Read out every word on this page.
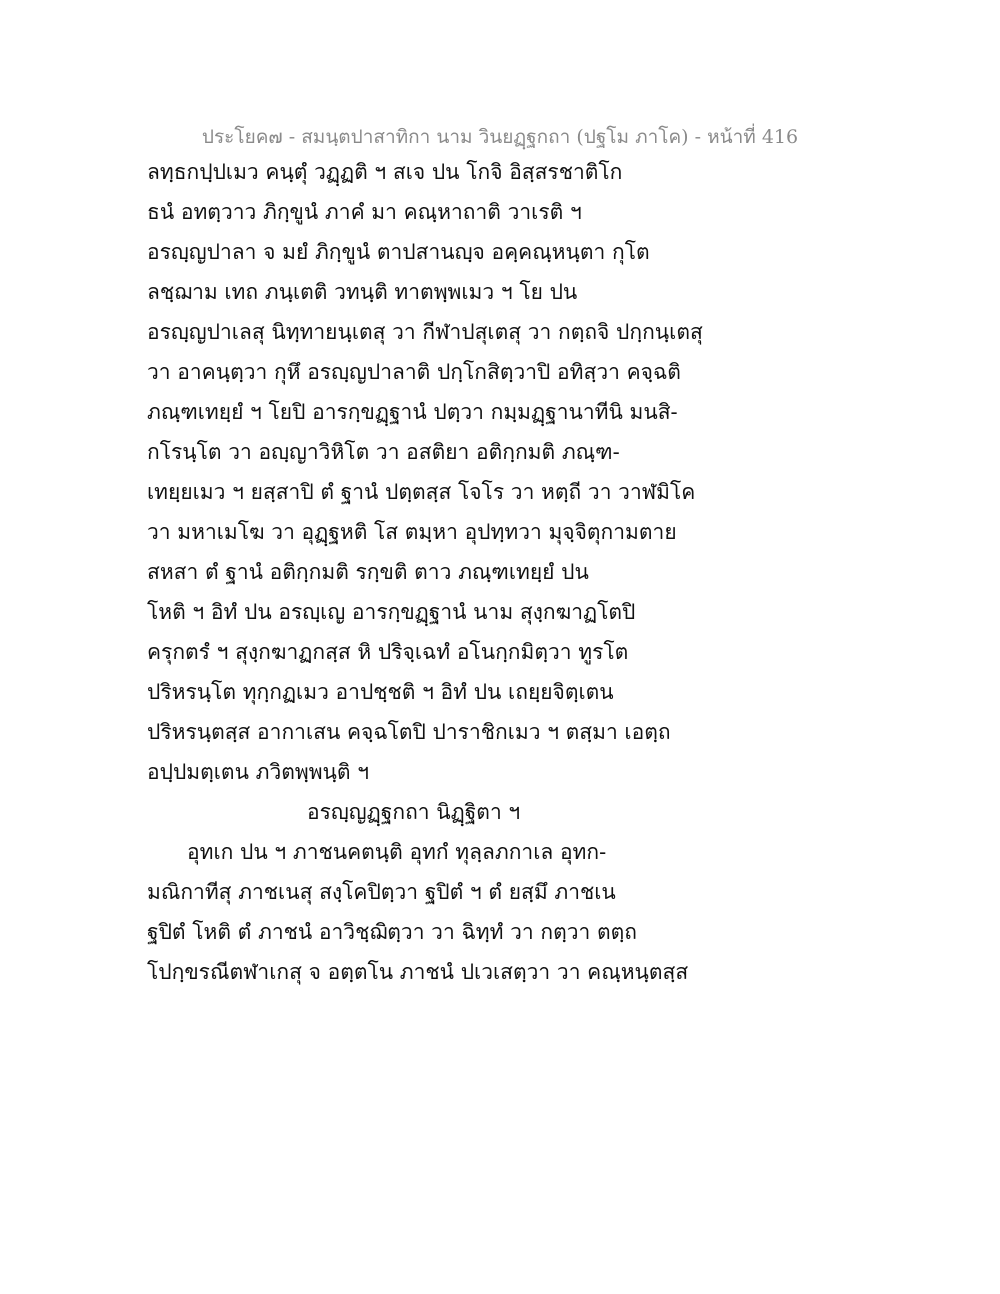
ประโยค๗ - สมนฺตปาสาทิกา นาม วินยฏฺฐกถา (ปฐโม ภาโค) - หน้าที่ 416
ลทฺธกปฺปเมว คนฺตุํ วฏฺฏติ ฯ สเจ ปน โกจิ อิสฺสรชาติโก
ธนํ อทตฺวาว ภิกฺขูนํ ภาคํ มา คณฺหาถาติ วาเรติ ฯ
อรญฺญปาลา จ มยํ ภิกฺขูนํ ตาปสานญฺจ อคฺคณฺหนฺตา กุโต
ลชฺฌาม เทถ ภนฺเตติ วทนฺติ ทาตพฺพเมว ฯ โย ปน
อรญฺญปาเลสุ นิทฺทายนฺเตสุ วา กีฬาปสุเตสุ วา กตฺถจิ ปกฺกนฺเตสุ
วา อาคนฺตฺวา กุหึ อรญฺญปาลาติ ปกฺโกสิตฺวาปิ อทิสฺวา คจฺฉติ
ภณฺฑเทยฺยํ ฯ โยปิ อารกฺขฏฺฐานํ ปตฺวา กมฺมฏฺฐานาทีนิ มนสิ-
กโรนฺโต วา อญฺญาวิหิโต วา อสติยา อติกฺกมติ ภณฺฑ-
เทยฺยเมว ฯ ยสฺสาปิ ตํ ฐานํ ปตฺตสฺส โจโร วา หตฺถี วา วาฬมิโค
วา มหาเมโฆ วา อุฏฺฐหติ โส ตมฺหา อุปทฺทวา มุจฺจิตุกามตาย
สหสา ตํ ฐานํ อติกฺกมติ รกฺขติ ตาว ภณฺฑเทยฺยํ ปน
โหติ ฯ อิทํ ปน อรญฺเญ อารกฺขฏฺฐานํ นาม สุงฺกฆาฏโตปิ
ครุกตรํ ฯ สุงฺกฆาฏกสฺส หิ ปริจฺเฉทํ อโนกฺกมิตฺวา ทูรโต
ปริหรนฺโต ทุกฺกฏเมว อาปชฺชติ ฯ อิทํ ปน เถยฺยจิตฺเตน
ปริหรนฺตสฺส อากาเสน คจฺฉโตปิ ปาราชิกเมว ฯ ตสฺมา เอตฺถ
อปฺปมตฺเตน ภวิตพฺพนฺติ ฯ
อรญฺญฏฺฐกถา นิฏฺฐิตา ฯ
อุทเก ปน ฯ ภาชนคตนฺติ อุทกํ ทุลฺลภกาเล อุทก-
มณิกาทีสุ ภาชเนสุ สงฺโคปิตฺวา ฐปิตํ ฯ ตํ ยสฺมึ ภาชเน
ฐปิตํ โหติ ตํ ภาชนํ อาวิชฺฌิตฺวา วา ฉิทฺทํ วา กตฺวา ตตฺถ
โปกฺขรณีตฬาเกสุ จ อตฺตโน ภาชนํ ปเวเสตฺวา วา คณฺหนฺตสฺส
